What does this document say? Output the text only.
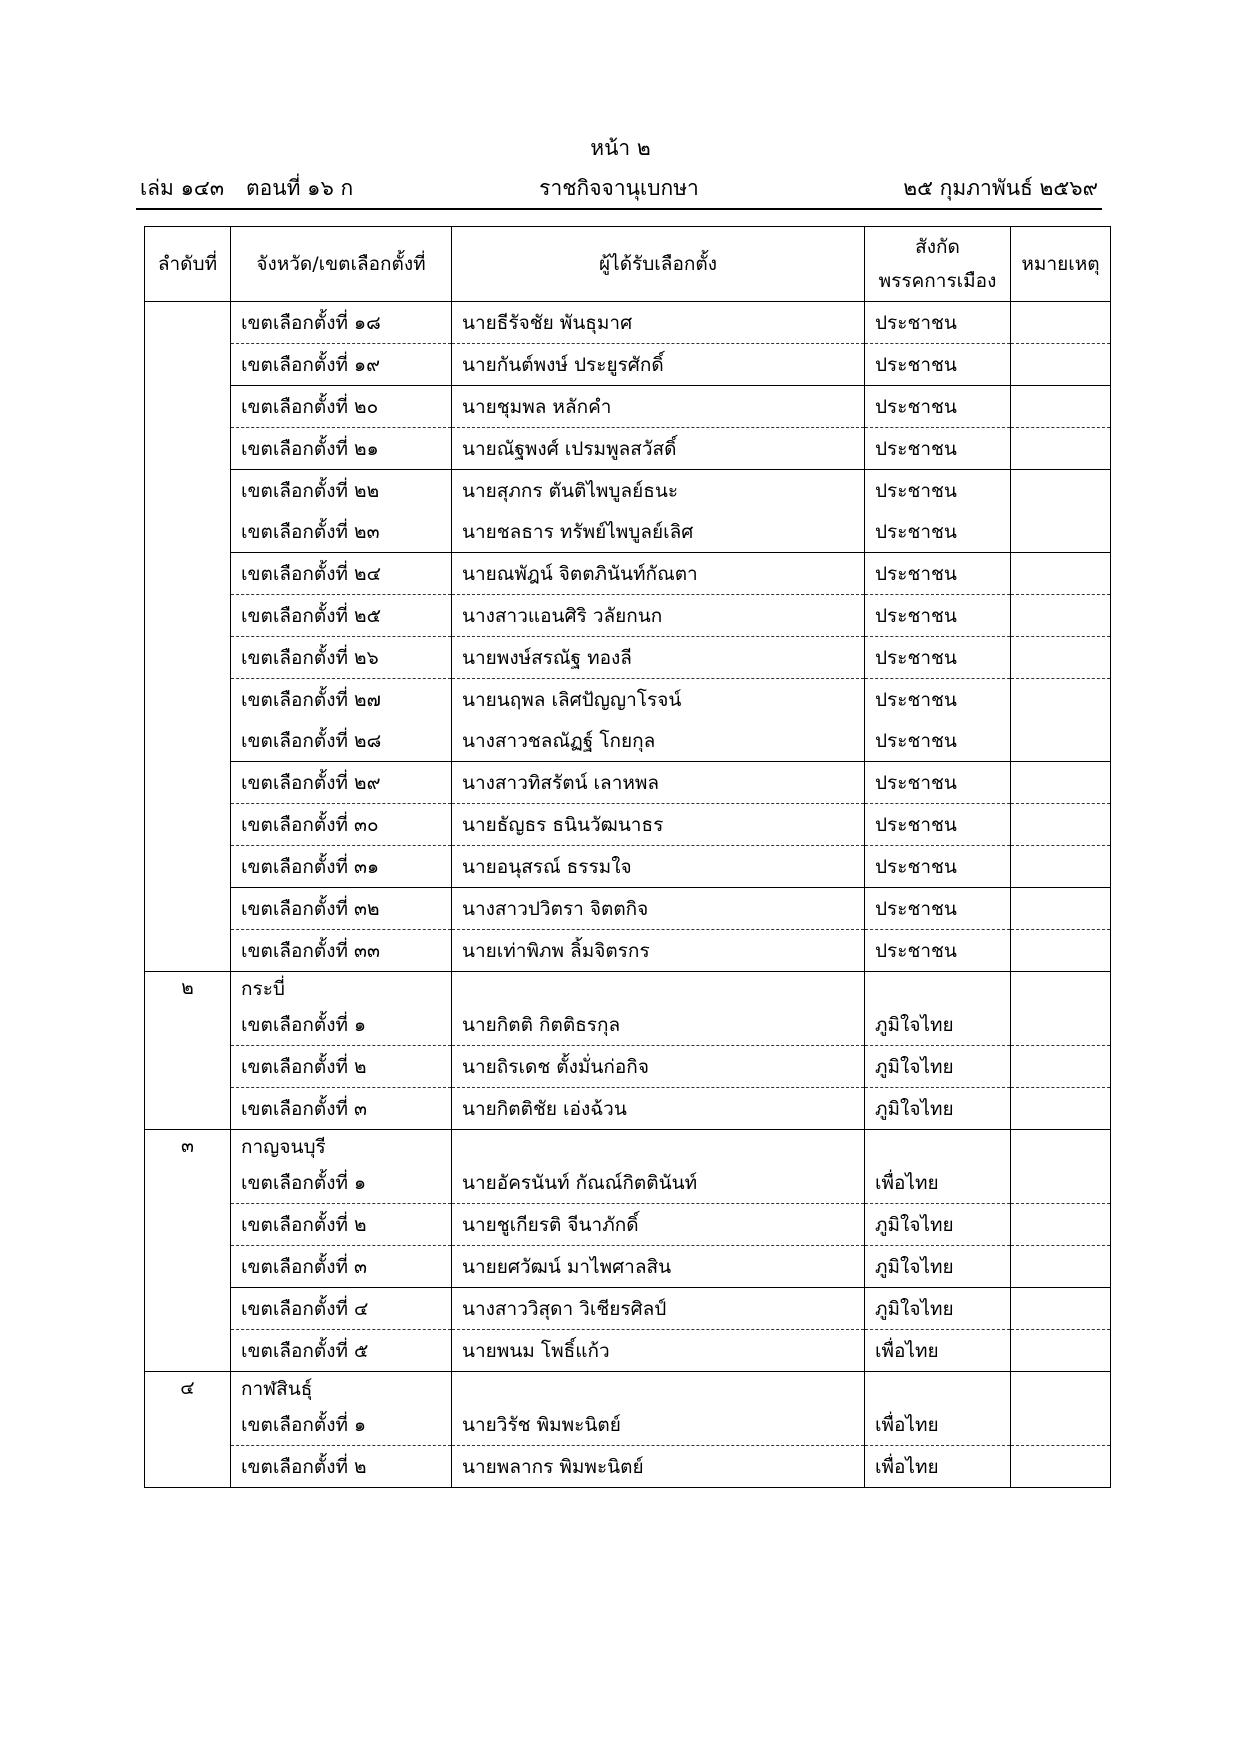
หน้า ๒
เล่ม ๑๔๓ ตอนที่ ๑๖ ก	ราชกิจจานุเบกษา	๒๕ กุมภาพันธ์ ๒๕๖๙
ลำดับที่	จังหวัด/เขตเลือกตั้งที่	ผู้ได้รับเลือกตั้ง	สังกัด
พรรคการเมือง	หมายเหตุ
	เขตเลือกตั้งที่ ๑๘	นายธีรัจชัย พันธุมาศ	ประชาชน	
	เขตเลือกตั้งที่ ๑๙	นายกันต์พงษ์ ประยูรศักดิ์	ประชาชน	
	เขตเลือกตั้งที่ ๒๐	นายชุมพล หลักคำ	ประชาชน	
	เขตเลือกตั้งที่ ๒๑	นายณัฐพงศ์ เปรมพูลสวัสดิ์	ประชาชน	
	เขตเลือกตั้งที่ ๒๒	นายสุภกร ตันติไพบูลย์ธนะ	ประชาชน	
	เขตเลือกตั้งที่ ๒๓	นายชลธาร ทรัพย์ไพบูลย์เลิศ	ประชาชน	
	เขตเลือกตั้งที่ ๒๔	นายณพัฎน์ จิตตภินันท์กัณตา	ประชาชน	
	เขตเลือกตั้งที่ ๒๕	นางสาวแอนศิริ วลัยกนก	ประชาชน	
	เขตเลือกตั้งที่ ๒๖	นายพงษ์สรณัฐ ทองลี	ประชาชน	
	เขตเลือกตั้งที่ ๒๗	นายนฤพล เลิศปัญญาโรจน์	ประชาชน	
	เขตเลือกตั้งที่ ๒๘	นางสาวชลณัฏฐ์ โกยกุล	ประชาชน	
	เขตเลือกตั้งที่ ๒๙	นางสาวทิสรัตน์ เลาหพล	ประชาชน	
	เขตเลือกตั้งที่ ๓๐	นายธัญธร ธนินวัฒนาธร	ประชาชน	
	เขตเลือกตั้งที่ ๓๑	นายอนุสรณ์ ธรรมใจ	ประชาชน	
	เขตเลือกตั้งที่ ๓๒	นางสาวปวิตรา จิตตกิจ	ประชาชน	
	เขตเลือกตั้งที่ ๓๓	นายเท่าพิภพ ลิ้มจิตรกร	ประชาชน	
๒	กระบี่			
	เขตเลือกตั้งที่ ๑	นายกิตติ กิตติธรกุล	ภูมิใจไทย	
	เขตเลือกตั้งที่ ๒	นายถิรเดช ตั้งมั่นก่อกิจ	ภูมิใจไทย	
	เขตเลือกตั้งที่ ๓	นายกิตติชัย เอ่งฉ้วน	ภูมิใจไทย	
๓	กาญจนบุรี			
	เขตเลือกตั้งที่ ๑	นายอัครนันท์ กัณณ์กิตตินันท์	เพื่อไทย	
	เขตเลือกตั้งที่ ๒	นายชูเกียรติ จีนาภักดิ์	ภูมิใจไทย	
	เขตเลือกตั้งที่ ๓	นายยศวัฒน์ มาไพศาลสิน	ภูมิใจไทย	
	เขตเลือกตั้งที่ ๔	นางสาววิสุดา วิเชียรศิลป์	ภูมิใจไทย	
	เขตเลือกตั้งที่ ๕	นายพนม โพธิ์แก้ว	เพื่อไทย	
๔	กาฬสินธุ์			
	เขตเลือกตั้งที่ ๑	นายวิรัช พิมพะนิตย์	เพื่อไทย	
	เขตเลือกตั้งที่ ๒	นายพลากร พิมพะนิตย์	เพื่อไทย	
